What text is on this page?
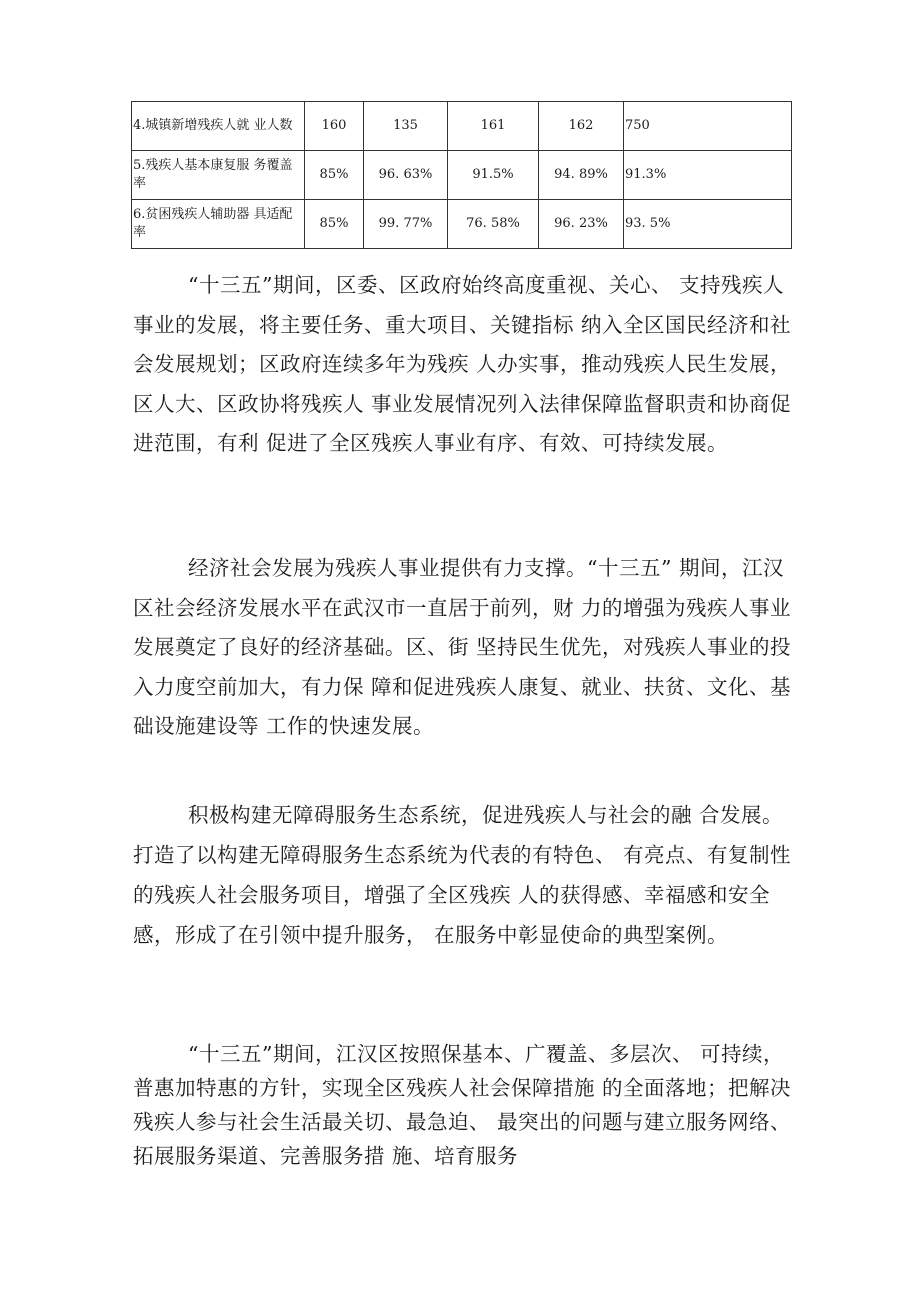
4.城镇新增残疾人就 业人数	160	135	161	162	750
5.残疾人基本康复服 务覆盖率	85%	96. 63%	91.5%	94. 89%	91.3%
6.贫困残疾人辅助器 具适配率	85%	99. 77%	76. 58%	96. 23%	93. 5%

“十三五”期间，区委、区政府始终高度重视、关心、 支持残疾人事业的发展，将主要任务、重大项目、关键指标 纳入全区国民经济和社会发展规划；区政府连续多年为残疾 人办实事，推动残疾人民生发展，区人大、区政协将残疾人 事业发展情况列入法律保障监督职责和协商促进范围，有利 促进了全区残疾人事业有序、有效、可持续发展。

经济社会发展为残疾人事业提供有力支撑。“十三五” 期间，江汉区社会经济发展水平在武汉市一直居于前列，财 力的增强为残疾人事业发展奠定了良好的经济基础。区、街 坚持民生优先，对残疾人事业的投入力度空前加大，有力保 障和促进残疾人康复、就业、扶贫、文化、基础设施建设等 工作的快速发展。

积极构建无障碍服务生态系统，促进残疾人与社会的融 合发展。打造了以构建无障碍服务生态系统为代表的有特色、 有亮点、有复制性的残疾人社会服务项目，增强了全区残疾 人的获得感、幸福感和安全感，形成了在引领中提升服务， 在服务中彰显使命的典型案例。

“十三五”期间，江汉区按照保基本、广覆盖、多层次、 可持续，普惠加特惠的方针，实现全区残疾人社会保障措施 的全面落地；把解决残疾人参与社会生活最关切、最急迫、 最突出的问题与建立服务网络、拓展服务渠道、完善服务措 施、培育服务
